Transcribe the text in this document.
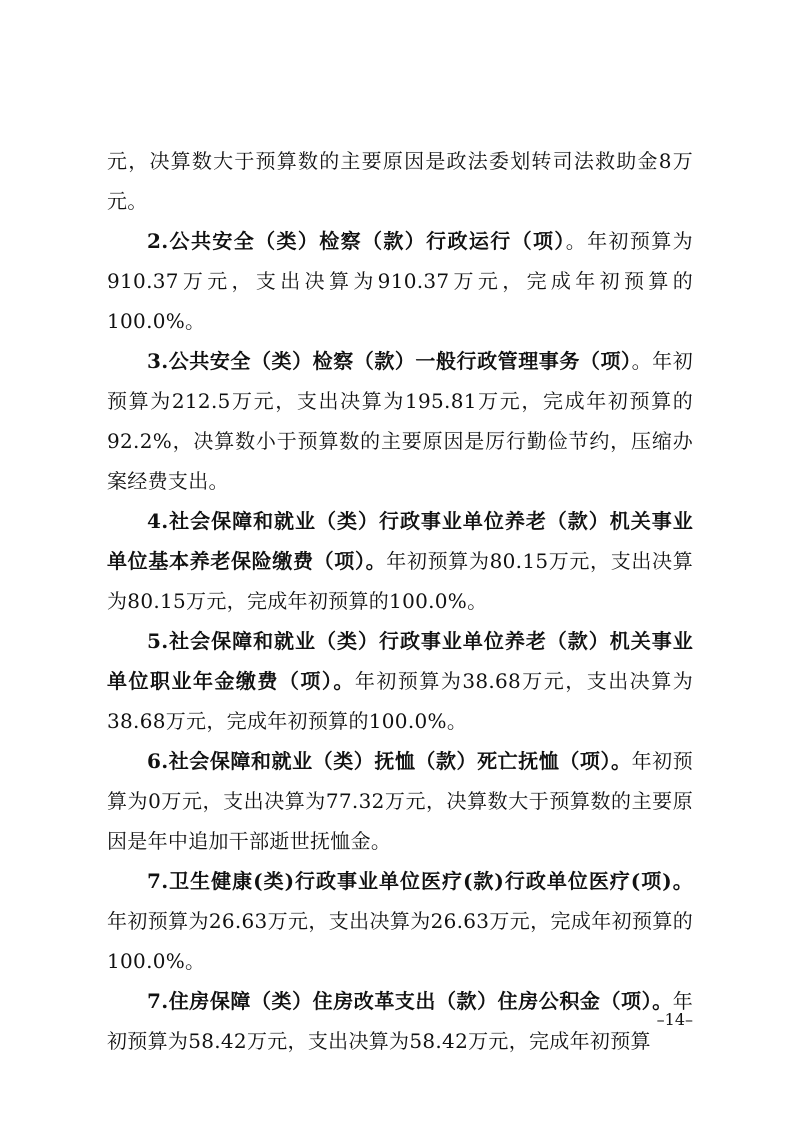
元，决算数大于预算数的主要原因是政法委划转司法救助金8万元。

2.公共安全（类）检察（款）行政运行（项）。年初预算为910.37万元，支出决算为910.37万元，完成年初预算的100.0%。

3.公共安全（类）检察（款）一般行政管理事务（项）。年初预算为212.5万元，支出决算为195.81万元，完成年初预算的92.2%，决算数小于预算数的主要原因是厉行勤俭节约，压缩办案经费支出。

4.社会保障和就业（类）行政事业单位养老（款）机关事业单位基本养老保险缴费（项）。年初预算为80.15万元，支出决算为80.15万元，完成年初预算的100.0%。

5.社会保障和就业（类）行政事业单位养老（款）机关事业单位职业年金缴费（项）。年初预算为38.68万元，支出决算为38.68万元，完成年初预算的100.0%。

6.社会保障和就业（类）抚恤（款）死亡抚恤（项）。年初预算为0万元，支出决算为77.32万元，决算数大于预算数的主要原因是年中追加干部逝世抚恤金。

7.卫生健康(类)行政事业单位医疗(款)行政单位医疗(项)。年初预算为26.63万元，支出决算为26.63万元，完成年初预算的100.0%。

7.住房保障（类）住房改革支出（款）住房公积金（项）。年初预算为58.42万元，支出决算为58.42万元，完成年初预算

–14–
